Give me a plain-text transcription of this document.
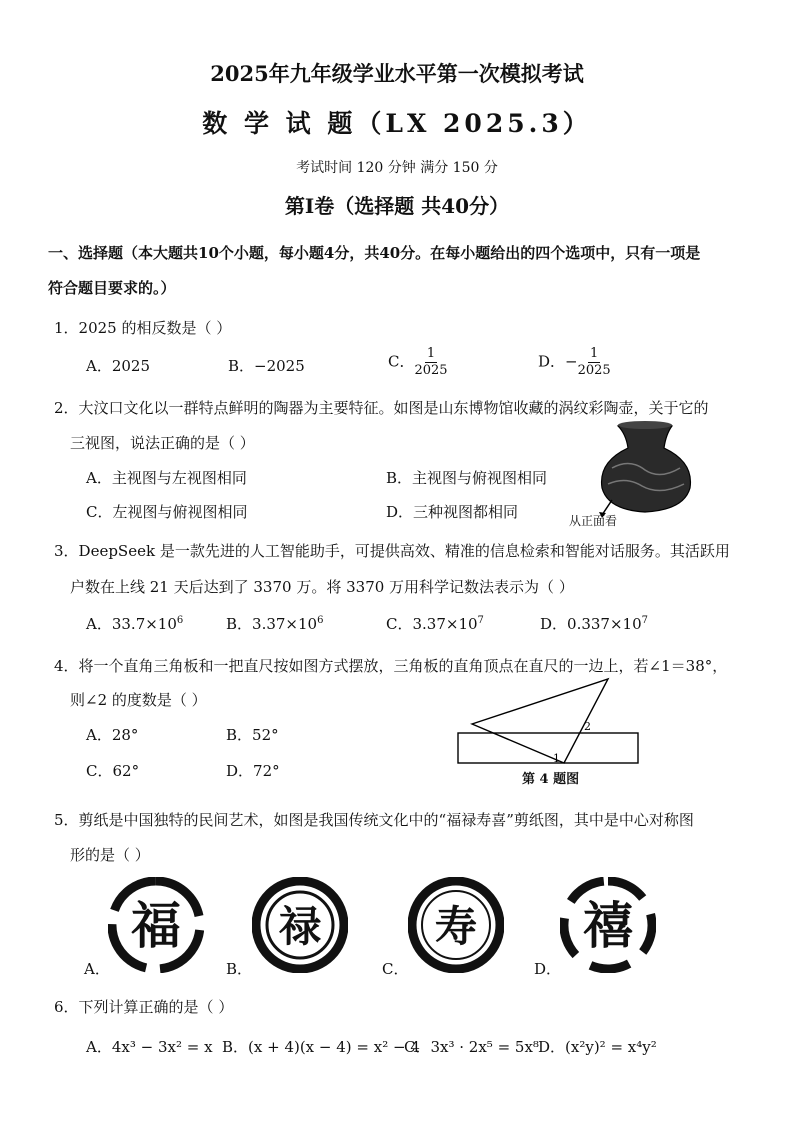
2025年九年级学业水平第一次模拟考试
数 学 试 题（LX 2025.3）
考试时间 120 分钟 满分 150 分
第I卷（选择题 共40分）
一、选择题（本大题共10个小题，每小题4分，共40分。在每小题给出的四个选项中，只有一项是
符合题目要求的。）
1．2025 的相反数是（ ）
A．2025	B．−2025	C． $\frac{1}{2025}$	D．− $\frac{1}{2025}$
2．大汶口文化以一群特点鲜明的陶器为主要特征。如图是山东博物馆收藏的涡纹彩陶壶，关于它的
三视图，说法正确的是（ ）
A．主视图与左视图相同	B．主视图与俯视图相同
C．左视图与俯视图相同	D．三种视图都相同	从正面看
3．DeepSeek 是一款先进的人工智能助手，可提供高效、精准的信息检索和智能对话服务。其活跃用
户数在上线 21 天后达到了 3370 万。将 3370 万用科学记数法表示为（ ）
A．$33.7\times 10^6$	B．$3.37\times 10^6$	C．$3.37\times 10^7$	D．$0.337\times 10^7$
4．将一个直角三角板和一把直尺按如图方式摆放，三角板的直角顶点在直尺的一边上，若∠1＝38°，
则∠2 的度数是（ ）
A．28°	B．52°
C．62°	D．72°
2
1
第 4 题图
5．剪纸是中国独特的民间艺术，如图是我国传统文化中的“福禄寿喜”剪纸图，其中是中心对称图
形的是（ ）
福 禄	寿 禧
A．	B．	C．	D．
6．下列计算正确的是（ ）
A．4x³ − 3x² = x B．(x + 4)(x − 4) = x² − 4
C．3x³ · 2x⁵ = 5x⁸ D．(x²y)² = x⁴y²
